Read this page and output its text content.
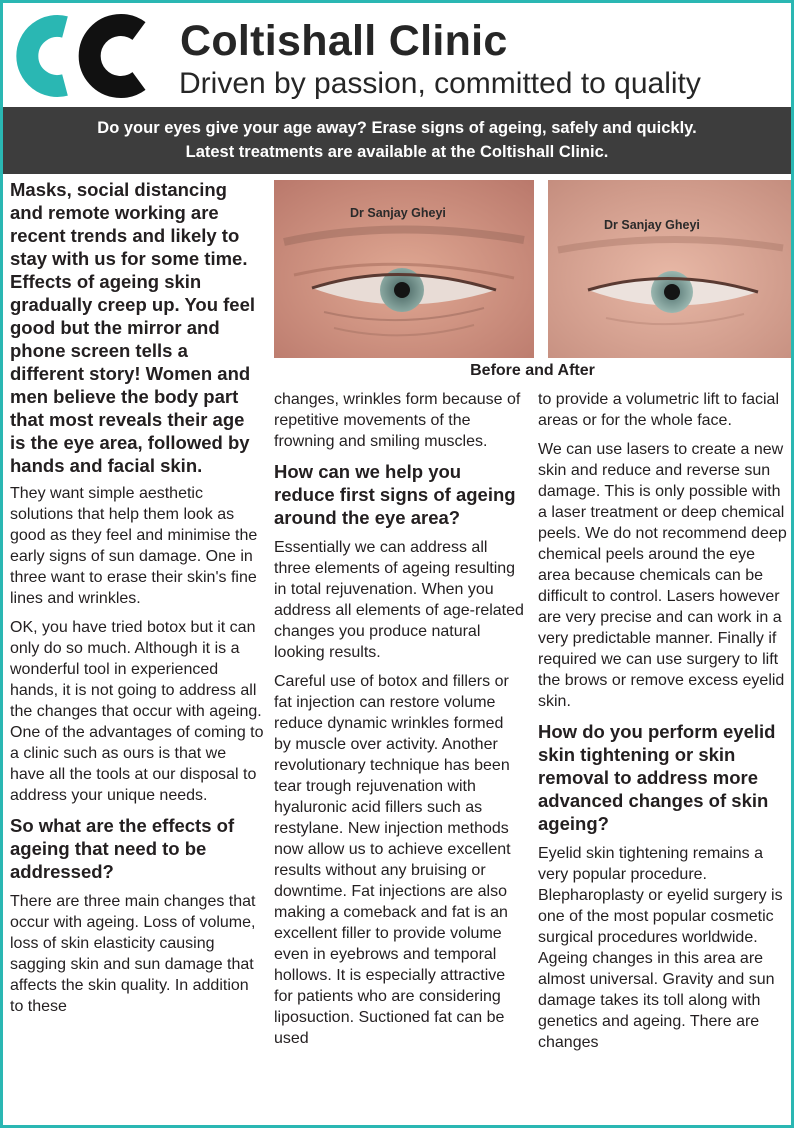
Coltishall Clinic
Driven by passion, committed to quality
Do your eyes give your age away? Erase signs of ageing, safely and quickly.
Latest treatments are available at the Coltishall Clinic.
Masks, social distancing and remote working are recent trends and likely to stay with us for some time. Effects of ageing skin gradually creep up. You feel good but the mirror and phone screen tells a different story! Women and men believe the body part that most reveals their age is the eye area, followed by hands and facial skin.

They want simple aesthetic solutions that help them look as good as they feel and minimise the early signs of sun damage. One in three want to erase their skin's fine lines and wrinkles.

OK, you have tried botox but it can only do so much. Although it is a wonderful tool in experienced hands, it is not going to address all the changes that occur with ageing. One of the advantages of coming to a clinic such as ours is that we have all the tools at our disposal to address your unique needs.

So what are the effects of ageing that need to be addressed?

There are three main changes that occur with ageing. Loss of volume, loss of skin elasticity causing sagging skin and sun damage that affects the skin quality. In addition to these

Dr Sanjay Gheyi
Dr Sanjay Gheyi
Before and After

changes, wrinkles form because of repetitive movements of the frowning and smiling muscles.

How can we help you reduce first signs of ageing around the eye area?

Essentially we can address all three elements of ageing resulting in total rejuvenation. When you address all elements of age-related changes you produce natural looking results.

Careful use of botox and fillers or fat injection can restore volume reduce dynamic wrinkles formed by muscle over activity. Another revolutionary technique has been tear trough rejuvenation with hyaluronic acid fillers such as restylane. New injection methods now allow us to achieve excellent results without any bruising or downtime. Fat injections are also making a comeback and fat is an excellent filler to provide volume even in eyebrows and temporal hollows. It is especially attractive for patients who are considering liposuction. Suctioned fat can be used

to provide a volumetric lift to facial areas or for the whole face.

We can use lasers to create a new skin and reduce and reverse sun damage. This is only possible with a laser treatment or deep chemical peels. We do not recommend deep chemical peels around the eye area because chemicals can be difficult to control. Lasers however are very precise and can work in a very predictable manner. Finally if required we can use surgery to lift the brows or remove excess eyelid skin.

How do you perform eyelid skin tightening or skin removal to address more advanced changes of skin ageing?

Eyelid skin tightening remains a very popular procedure. Blepharoplasty or eyelid surgery is one of the most popular cosmetic surgical procedures worldwide. Ageing changes in this area are almost universal. Gravity and sun damage takes its toll along with genetics and ageing. There are changes
